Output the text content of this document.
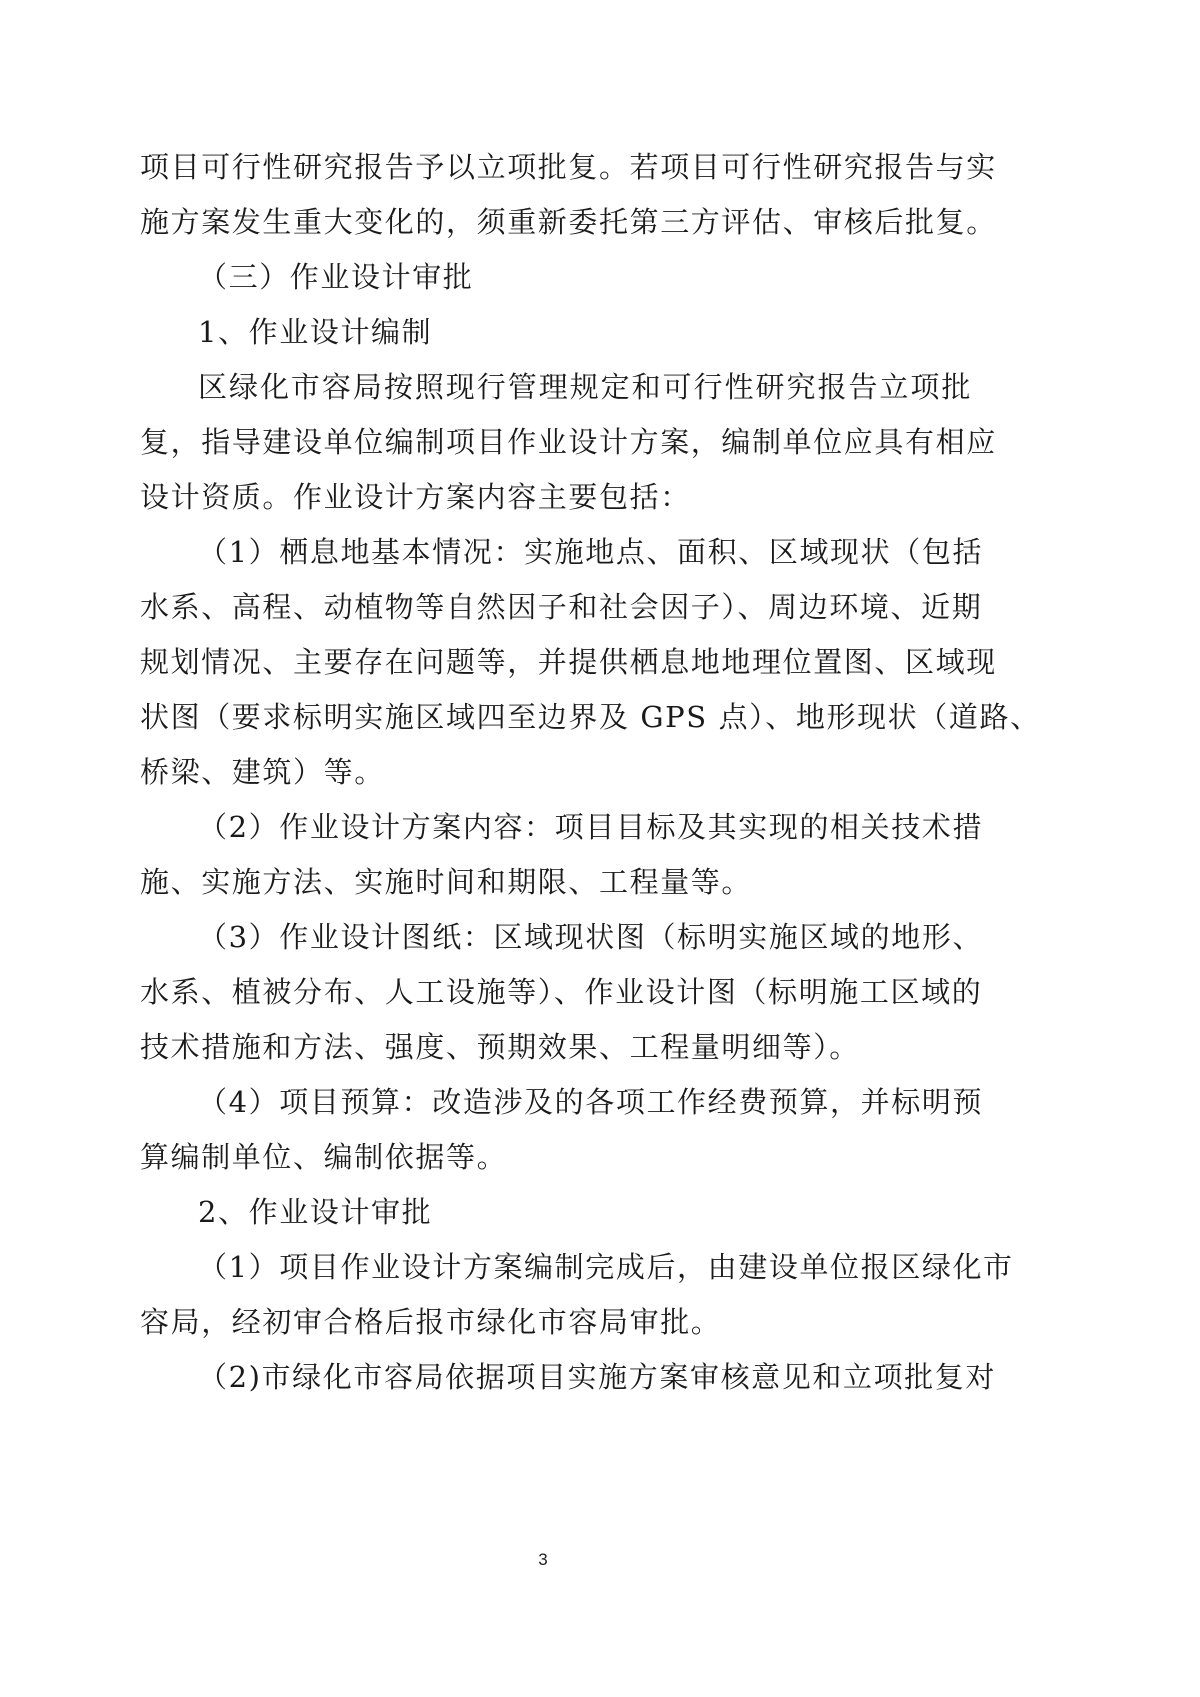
项目可行性研究报告予以立项批复。若项目可行性研究报告与实
施方案发生重大变化的，须重新委托第三方评估、审核后批复。
（三）作业设计审批
1、作业设计编制
区绿化市容局按照现行管理规定和可行性研究报告立项批
复，指导建设单位编制项目作业设计方案，编制单位应具有相应
设计资质。作业设计方案内容主要包括：
（1）栖息地基本情况：实施地点、面积、区域现状（包括
水系、高程、动植物等自然因子和社会因子）、周边环境、近期
规划情况、主要存在问题等，并提供栖息地地理位置图、区域现
状图（要求标明实施区域四至边界及 GPS 点）、地形现状（道路、
桥梁、建筑）等。
（2）作业设计方案内容：项目目标及其实现的相关技术措
施、实施方法、实施时间和期限、工程量等。
（3）作业设计图纸：区域现状图（标明实施区域的地形、
水系、植被分布、人工设施等）、作业设计图（标明施工区域的
技术措施和方法、强度、预期效果、工程量明细等）。
（4）项目预算：改造涉及的各项工作经费预算，并标明预
算编制单位、编制依据等。
2、作业设计审批
（1）项目作业设计方案编制完成后，由建设单位报区绿化市
容局，经初审合格后报市绿化市容局审批。
（2)市绿化市容局依据项目实施方案审核意见和立项批复对
3
